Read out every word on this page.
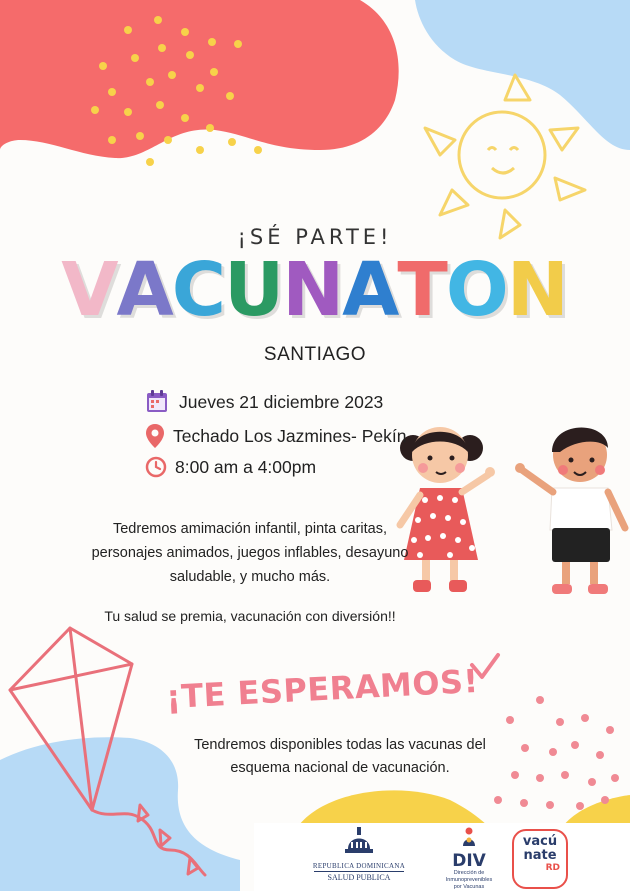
¡SÉ PARTE!
VACUNATON
SANTIAGO
Jueves 21 diciembre 2023
Techado Los Jazmines- Pekín
8:00 am a 4:00pm
Tedremos amimación infantil, pinta caritas,
personajes animados, juegos inflables, desayuno
saludable, y mucho más.
Tu salud se premia, vacunación con diversión!!
¡TE ESPERAMOS!
Tendremos disponibles todas las vacunas del
esquema nacional de vacunación.
REPUBLICA DOMINICANA
SALUD PUBLICA
DIV
Dirección de Inmunoprevenibles
por Vacunas
vacú
nate
RD
